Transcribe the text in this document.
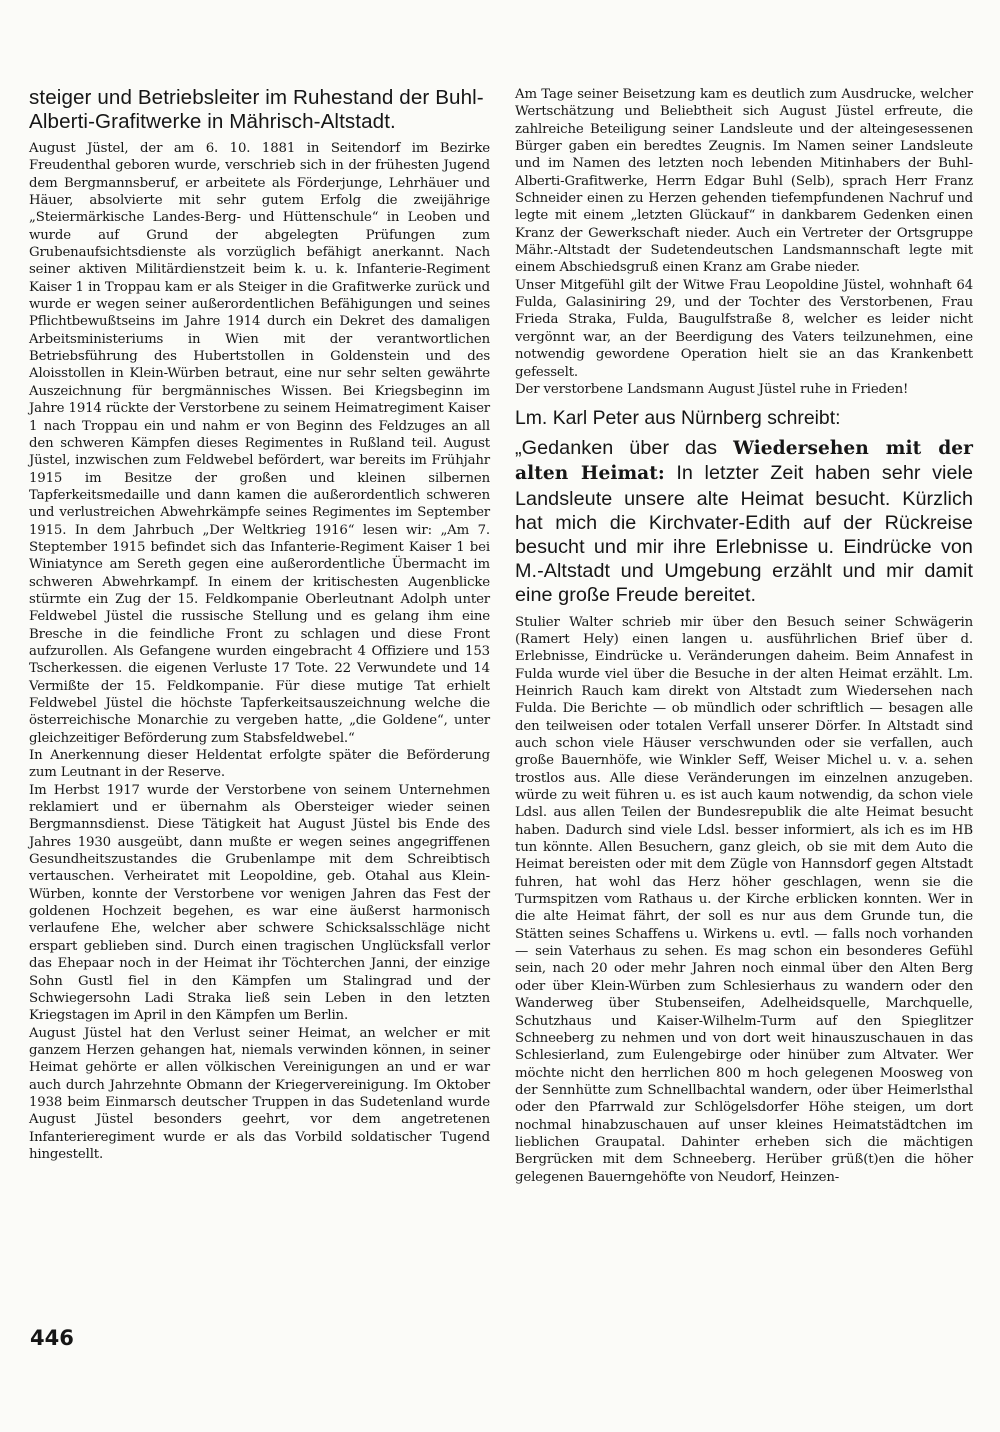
steiger und Betriebsleiter im Ruhestand der Buhl-Alberti-Grafitwerke in Mährisch-Altstadt.

August Jüstel, der am 6. 10. 1881 in Seitendorf im Bezirke Freudenthal geboren wurde, verschrieb sich in der frühesten Jugend dem Bergmannsberuf, er arbeitete als Förderjunge, Lehrhäuer und Häuer, absolvierte mit sehr gutem Erfolg die zweijährige „Steiermärkische Landes-Berg- und Hüttenschule“ in Leoben und wurde auf Grund der abgelegten Prüfungen zum Grubenaufsichtsdienste als vorzüglich befähigt anerkannt. Nach seiner aktiven Militärdienstzeit beim k. u. k. Infanterie-Regiment Kaiser 1 in Troppau kam er als Steiger in die Grafitwerke zurück und wurde er wegen seiner außerordentlichen Befähigungen und seines Pflichtbewußtseins im Jahre 1914 durch ein Dekret des damaligen Arbeitsministeriums in Wien mit der verantwortlichen Betriebsführung des Hubertstollen in Goldenstein und des Aloisstollen in Klein-Würben betraut, eine nur sehr selten gewährte Auszeichnung für bergmännisches Wissen. Bei Kriegsbeginn im Jahre 1914 rückte der Verstorbene zu seinem Heimatregiment Kaiser 1 nach Troppau ein und nahm er von Beginn des Feldzuges an all den schweren Kämpfen dieses Regimentes in Rußland teil. August Jüstel, inzwischen zum Feldwebel befördert, war bereits im Frühjahr 1915 im Besitze der großen und kleinen silbernen Tapferkeitsmedaille und dann kamen die außerordentlich schweren und verlustreichen Abwehrkämpfe seines Regimentes im September 1915. In dem Jahrbuch „Der Weltkrieg 1916“ lesen wir: „Am 7. Steptember 1915 befindet sich das Infanterie-Regiment Kaiser 1 bei Winiatynce am Sereth gegen eine außerordentliche Übermacht im schweren Abwehrkampf. In einem der kritischesten Augenblicke stürmte ein Zug der 15. Feldkompanie Oberleutnant Adolph unter Feldwebel Jüstel die russische Stellung und es gelang ihm eine Bresche in die feindliche Front zu schlagen und diese Front aufzurollen. Als Gefangene wurden eingebracht 4 Offiziere und 153 Tscherkessen. die eigenen Verluste 17 Tote. 22 Verwundete und 14 Vermißte der 15. Feldkompanie. Für diese mutige Tat erhielt Feldwebel Jüstel die höchste Tapferkeitsauszeichnung welche die österreichische Monarchie zu vergeben hatte, „die Goldene“, unter gleichzeitiger Beförderung zum Stabsfeldwebel.“

In Anerkennung dieser Heldentat erfolgte später die Beförderung zum Leutnant in der Reserve.

Im Herbst 1917 wurde der Verstorbene von seinem Unternehmen reklamiert und er übernahm als Obersteiger wieder seinen Bergmannsdienst. Diese Tätigkeit hat August Jüstel bis Ende des Jahres 1930 ausgeübt, dann mußte er wegen seines angegriffenen Gesundheitszustandes die Grubenlampe mit dem Schreibtisch vertauschen. Verheiratet mit Leopoldine, geb. Otahal aus Klein-Würben, konnte der Verstorbene vor wenigen Jahren das Fest der goldenen Hochzeit begehen, es war eine äußerst harmonisch verlaufene Ehe, welcher aber schwere Schicksalsschläge nicht erspart geblieben sind. Durch einen tragischen Unglücksfall verlor das Ehepaar noch in der Heimat ihr Töchterchen Janni, der einzige Sohn Gustl fiel in den Kämpfen um Stalingrad und der Schwiegersohn Ladi Straka ließ sein Leben in den letzten Kriegstagen im April in den Kämpfen um Berlin.

August Jüstel hat den Verlust seiner Heimat, an welcher er mit ganzem Herzen gehangen hat, niemals verwinden können, in seiner Heimat gehörte er allen völkischen Vereinigungen an und er war auch durch Jahrzehnte Obmann der Kriegervereinigung. Im Oktober 1938 beim Einmarsch deutscher Truppen in das Sudetenland wurde August Jüstel besonders geehrt, vor dem angetretenen Infanterieregiment wurde er als das Vorbild soldatischer Tugend hingestellt.

Am Tage seiner Beisetzung kam es deutlich zum Ausdrucke, welcher Wertschätzung und Beliebtheit sich August Jüstel erfreute, die zahlreiche Beteiligung seiner Landsleute und der alteingesessenen Bürger gaben ein beredtes Zeugnis. Im Namen seiner Landsleute und im Namen des letzten noch lebenden Mitinhabers der Buhl-Alberti-Grafitwerke, Herrn Edgar Buhl (Selb), sprach Herr Franz Schneider einen zu Herzen gehenden tiefempfundenen Nachruf und legte mit einem „letzten Glückauf“ in dankbarem Gedenken einen Kranz der Gewerkschaft nieder. Auch ein Vertreter der Ortsgruppe Mähr.-Altstadt der Sudetendeutschen Landsmannschaft legte mit einem Abschiedsgruß einen Kranz am Grabe nieder.

Unser Mitgefühl gilt der Witwe Frau Leopoldine Jüstel, wohnhaft 64 Fulda, Galasiniring 29, und der Tochter des Verstorbenen, Frau Frieda Straka, Fulda, Baugulfstraße 8, welcher es leider nicht vergönnt war, an der Beerdigung des Vaters teilzunehmen, eine notwendig gewordene Operation hielt sie an das Krankenbett gefesselt.

Der verstorbene Landsmann August Jüstel ruhe in Frieden!

Lm. Karl Peter aus Nürnberg schreibt:

„Gedanken über das Wiedersehen mit der alten Heimat: In letzter Zeit haben sehr viele Landsleute unsere alte Heimat besucht. Kürzlich hat mich die Kirchvater-Edith auf der Rückreise besucht und mir ihre Erlebnisse u. Eindrücke von M.-Altstadt und Umgebung erzählt und mir damit eine große Freude bereitet.

Stulier Walter schrieb mir über den Besuch seiner Schwägerin (Ramert Hely) einen langen u. ausführlichen Brief über d. Erlebnisse, Eindrücke u. Veränderungen daheim. Beim Annafest in Fulda wurde viel über die Besuche in der alten Heimat erzählt. Lm. Heinrich Rauch kam direkt von Altstadt zum Wiedersehen nach Fulda. Die Berichte — ob mündlich oder schriftlich — besagen alle den teilweisen oder totalen Verfall unserer Dörfer. In Altstadt sind auch schon viele Häuser verschwunden oder sie verfallen, auch große Bauernhöfe, wie Winkler Seff, Weiser Michel u. v. a. sehen trostlos aus. Alle diese Veränderungen im einzelnen anzugeben. würde zu weit führen u. es ist auch kaum notwendig, da schon viele Ldsl. aus allen Teilen der Bundesrepublik die alte Heimat besucht haben. Dadurch sind viele Ldsl. besser informiert, als ich es im HB tun könnte. Allen Besuchern, ganz gleich, ob sie mit dem Auto die Heimat bereisten oder mit dem Zügle von Hannsdorf gegen Altstadt fuhren, hat wohl das Herz höher geschlagen, wenn sie die Turmspitzen vom Rathaus u. der Kirche erblicken konnten. Wer in die alte Heimat fährt, der soll es nur aus dem Grunde tun, die Stätten seines Schaffens u. Wirkens u. evtl. — falls noch vorhanden — sein Vaterhaus zu sehen. Es mag schon ein besonderes Gefühl sein, nach 20 oder mehr Jahren noch einmal über den Alten Berg oder über Klein-Würben zum Schlesierhaus zu wandern oder den Wanderweg über Stubenseifen, Adelheidsquelle, Marchquelle, Schutzhaus und Kaiser-Wilhelm-Turm auf den Spieglitzer Schneeberg zu nehmen und von dort weit hinauszuschauen in das Schlesierland, zum Eulengebirge oder hinüber zum Altvater. Wer möchte nicht den herrlichen 800 m hoch gelegenen Moosweg von der Sennhütte zum Schnellbachtal wandern, oder über Heimerlsthal oder den Pfarrwald zur Schlögelsdorfer Höhe steigen, um dort nochmal hinabzuschauen auf unser kleines Heimatstädtchen im lieblichen Graupatal. Dahinter erheben sich die mächtigen Bergrücken mit dem Schneeberg. Herüber grüß(t)en die höher gelegenen Bauerngehöfte von Neudorf, Heinzen-

446
